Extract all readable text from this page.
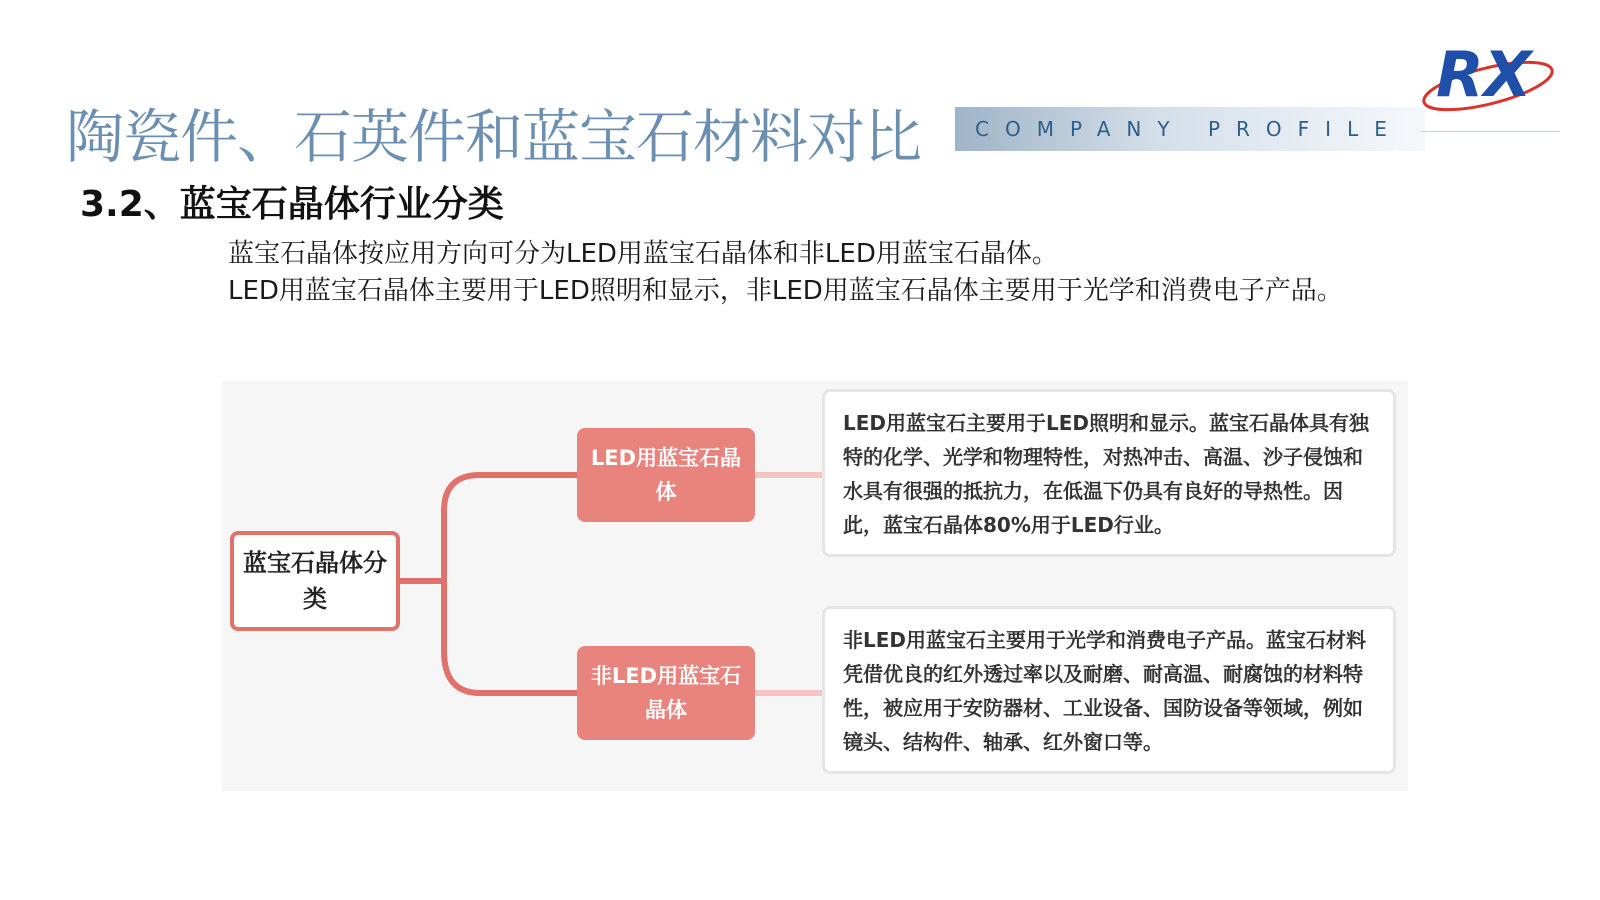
陶瓷件、石英件和蓝宝石材料对比	COMPANY PROFILE
RX
3.2、蓝宝石晶体行业分类
蓝宝石晶体按应用方向可分为LED用蓝宝石晶体和非LED用蓝宝石晶体。
LED用蓝宝石晶体主要用于LED照明和显示，非LED用蓝宝石晶体主要用于光学和消费电子产品。
蓝宝石晶体分类
LED用蓝宝石晶体
非LED用蓝宝石晶体
LED用蓝宝石主要用于LED照明和显示。蓝宝石晶体具有独特的化学、光学和物理特性，对热冲击、高温、沙子侵蚀和水具有很强的抵抗力，在低温下仍具有良好的导热性。因此，蓝宝石晶体80%用于LED行业。
非LED用蓝宝石主要用于光学和消费电子产品。蓝宝石材料凭借优良的红外透过率以及耐磨、耐高温、耐腐蚀的材料特性，被应用于安防器材、工业设备、国防设备等领域，例如镜头、结构件、轴承、红外窗口等。
